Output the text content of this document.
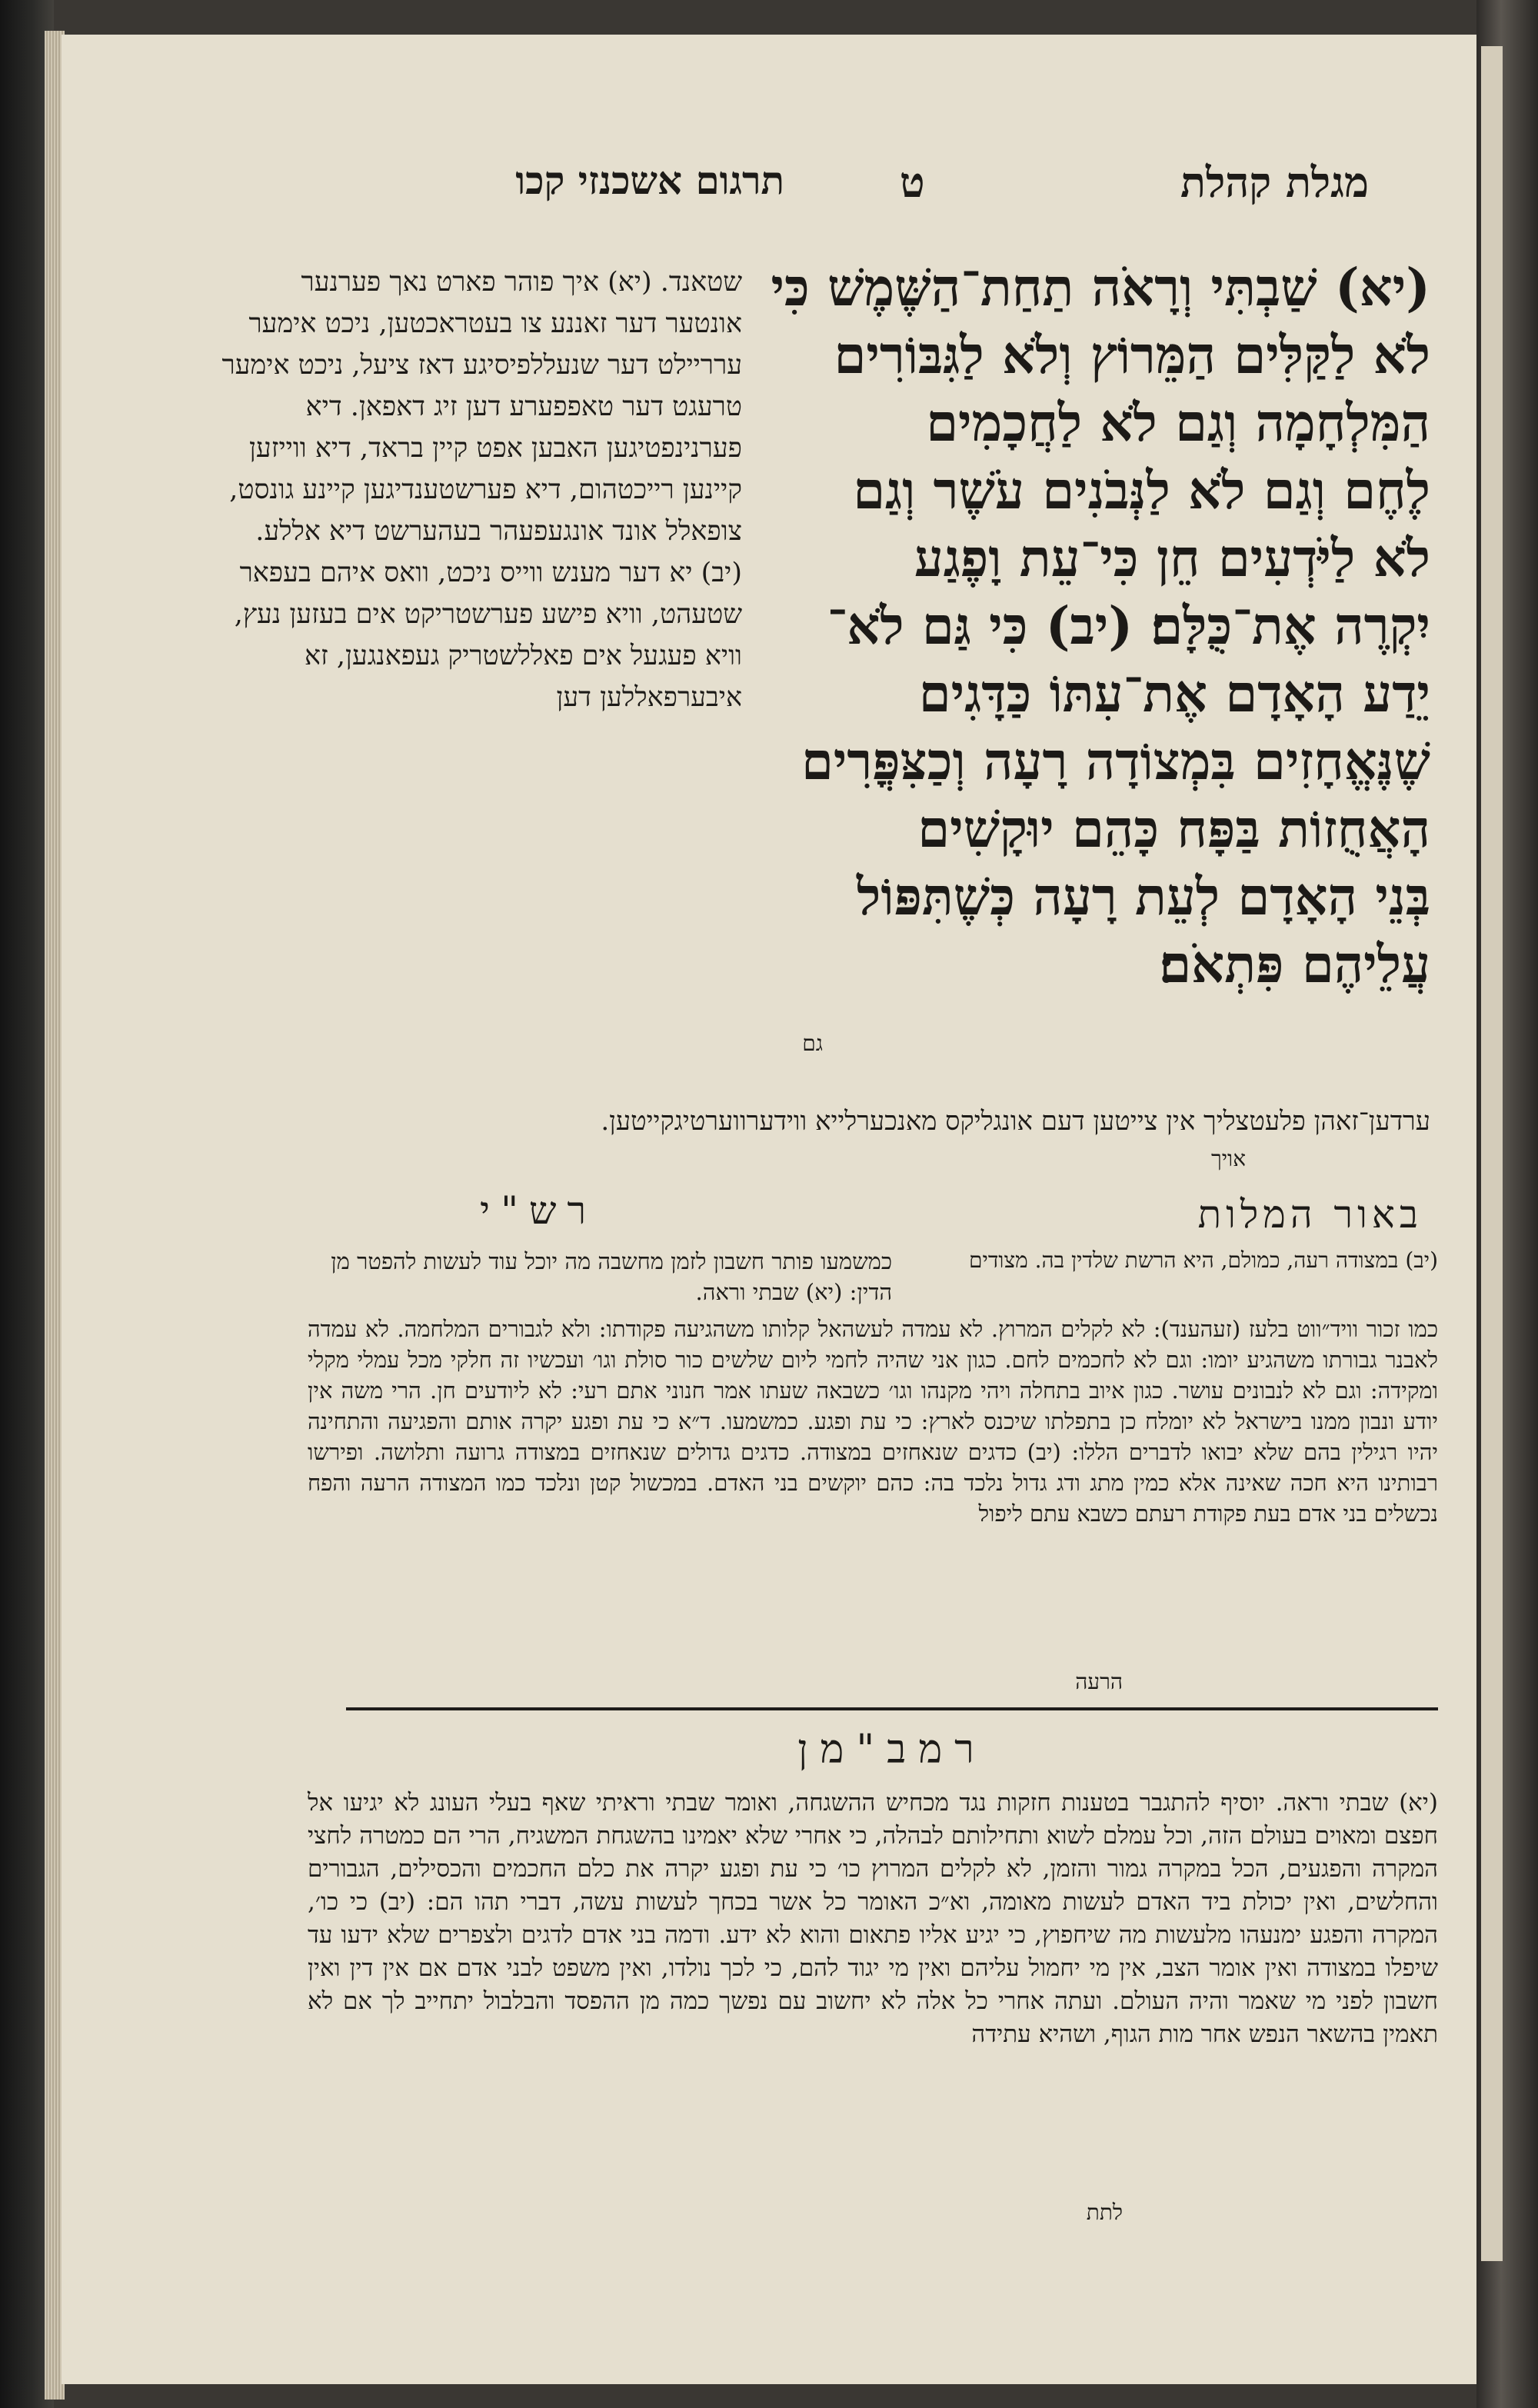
מגלת קהלת
ט
תרגום אשכנזי קכו

(יא) שַׁבְתִּי וְרָאֹה תַחַת־הַשֶּׁמֶשׁ כִּי

לֹא לַקַּלִּים הַמֵּרוֹץ וְלֹא לַגִּבּוֹרִים

הַמִּלְחָמָה וְגַם לֹא לַחֲכָמִים

לֶחֶם וְגַם לֹא לַנְּבֹנִים עֹשֶׁר וְגַם

לֹא לַיֹּדְעִים חֵן כִּי־עֵת וָפֶגַע

יִקְרֶה אֶת־כֻּלָּם׃ (יב) כִּי גַּם לֹא־

יֵדַע הָאָדָם אֶת־עִתּוֹ כַּדָּגִים

שֶׁנֶּאֱחָזִים בִּמְצוֹדָה רָעָה וְכַצִּפֳּרִים

הָאֲחֻזוֹת בַּפָּח כָּהֵם יוּקָשִׁים

בְּנֵי הָאָדָם לְעֵת רָעָה כְּשֶׁתִּפּוֹל

עֲלֵיהֶם פִּתְאֹם׃

גם
שטאנד. (יא) איך פוהר פארט נאך פערנער אונטער דער זאננע צו בעטראכטען, ניכט אימער ערריילט דער שנעללפיסיגע דאז ציעל, ניכט אימער טרעגט דער טאפפערע דען זיג דאפאן. דיא פערנינפטיגען האבען אפט קיין בראד, דיא ווייזען קיינען רייכטהום, דיא פערשטענדיגען קיינע גונסט, צופאלל אונד אונגעפעהר בעהערשט דיא אללע. (יב) יא דער מענש ווייס ניכט, וואס איהם בעפאר שטעהט, וויא פישע פערשטריקט אים בעזען נעץ, וויא פעגעל אים פאללשטריק געפאנגען, זא איבערפאללען דען
ערדען־זאהן פלעטצליך אין צייטען דעם אונגליקס מאנכערלייא ווידערווערטיגקייטען.
אויך
רש"י	באור המלות
(יב) במצודה רעה, כמולם, היא הרשת שלדין בה. מצודים
כמשמעו פותר חשבון לזמן מחשבה מה יוכל עוד לעשות להפטר מן הדין: (יא) שבתי וראה.
כמו זכור וויד״ווט בלעז (זעהענד): לא לקלים המרוץ. לא עמדה לעשהאל קלותו משהגיעה פקודתו: ולא לגבורים המלחמה. לא עמדה לאבנר גבורתו משהגיע יומו: וגם לא לחכמים לחם. כגון אני שהיה לחמי ליום שלשים כור סולת וגו׳ ועכשיו זה חלקי מכל עמלי מקלי ומקידה: וגם לא לנבונים עושר. כגון איוב בתחלה ויהי מקנהו וגו׳ כשבאה שעתו אמר חנוני אתם רעי: לא ליודעים חן. הרי משה אין יודע ונבון ממנו בישראל לא יומלח כן בתפלתו שיכנס לארץ: כי עת ופגע. כמשמעו. ד״א כי עת ופגע יקרה אותם והפגיעה והתחינה יהיו רגילין בהם שלא יבואו לדברים הללו: (יב) כדגים שנאחזים במצודה. כדגים גדולים שנאחזים במצודה גרועה ותלושה. ופירשו רבותינו היא חכה שאינה אלא כמין מתג ודג גדול נלכד בה: כהם יוקשים בני האדם. במכשול קטן ונלכד כמו המצודה הרעה והפח נכשלים בני אדם בעת פקודת רעתם כשבא עתם ליפול
הרעה
רמב"מן
(יא) שבתי וראה. יוסיף להתגבר בטענות חזקות נגד מכחיש ההשגחה, ואומר שבתי וראיתי שאף בעלי העונג לא יגיעו אל חפצם ומאוים בעולם הזה, וכל עמלם לשוא ותחילותם לבהלה, כי אחרי שלא יאמינו בהשגחת המשגיח, הרי הם כמטרה לחצי המקרה והפגעים, הכל במקרה גמור והזמן, לא לקלים המרוץ כו׳ כי עת ופגע יקרה את כלם החכמים והכסילים, הגבורים והחלשים, ואין יכולת ביד האדם לעשות מאומה, וא״כ האומר כל אשר בכחך לעשות עשה, דברי תהו הם: (יב) כי כו׳, המקרה והפגע ימנעהו מלעשות מה שיחפוץ, כי יגיע אליו פתאום והוא לא ידע. ודמה בני אדם לדגים ולצפרים שלא ידעו עד שיפלו במצודה ואין אומר הצב, אין מי יחמול עליהם ואין מי יגוד להם, כי לכך נולדו, ואין משפט לבני אדם אם אין דין ואין חשבון לפני מי שאמר והיה העולם. ועתה אחרי כל אלה לא יחשוב עם נפשך כמה מן ההפסד והבלבול יתחייב לך אם לא תאמין בהשאר הנפש אחר מות הגוף, ושהיא עתידה
לתת
